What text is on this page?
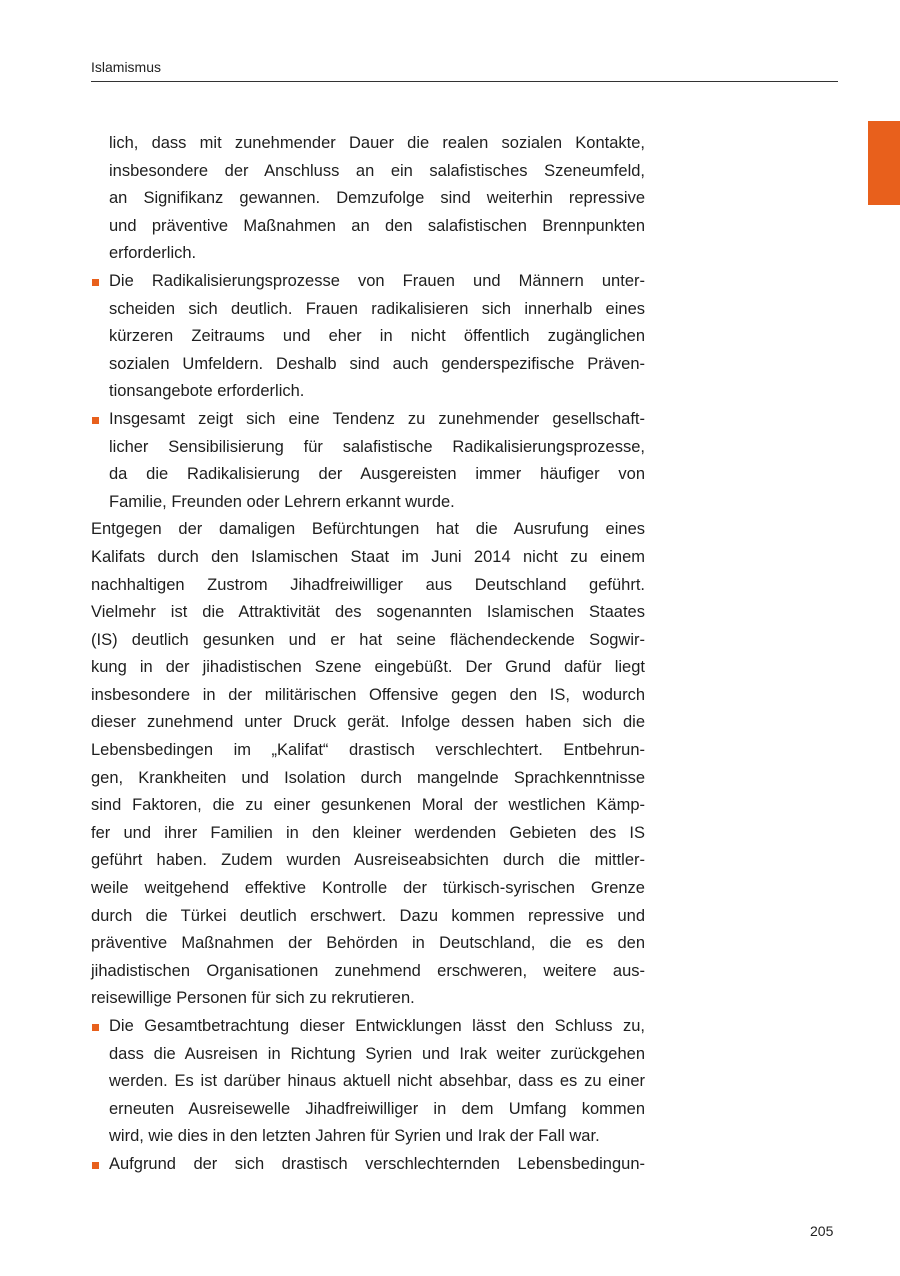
Islamismus
lich, dass mit zunehmender Dauer die realen sozialen Kontakte,
insbesondere der Anschluss an ein salafistisches Szeneumfeld,
an Signifikanz gewannen. Demzufolge sind weiterhin repressive
und präventive Maßnahmen an den salafistischen Brennpunkten
erforderlich.
Die Radikalisierungsprozesse von Frauen und Männern unter-
scheiden sich deutlich. Frauen radikalisieren sich innerhalb eines
kürzeren Zeitraums und eher in nicht öffentlich zugänglichen
sozialen Umfeldern. Deshalb sind auch genderspezifische Präven-
tionsangebote erforderlich.
Insgesamt zeigt sich eine Tendenz zu zunehmender gesellschaft-
licher Sensibilisierung für salafistische Radikalisierungsprozesse,
da die Radikalisierung der Ausgereisten immer häufiger von
Familie, Freunden oder Lehrern erkannt wurde.
Entgegen der damaligen Befürchtungen hat die Ausrufung eines
Kalifats durch den Islamischen Staat im Juni 2014 nicht zu einem
nachhaltigen Zustrom Jihadfreiwilliger aus Deutschland geführt.
Vielmehr ist die Attraktivität des sogenannten Islamischen Staates
(IS) deutlich gesunken und er hat seine flächendeckende Sogwir-
kung in der jihadistischen Szene eingebüßt. Der Grund dafür liegt
insbesondere in der militärischen Offensive gegen den IS, wodurch
dieser zunehmend unter Druck gerät. Infolge dessen haben sich die
Lebensbedingen im „Kalifat“ drastisch verschlechtert. Entbehrun-
gen, Krankheiten und Isolation durch mangelnde Sprachkenntnisse
sind Faktoren, die zu einer gesunkenen Moral der westlichen Kämp-
fer und ihrer Familien in den kleiner werdenden Gebieten des IS
geführt haben. Zudem wurden Ausreiseabsichten durch die mittler-
weile weitgehend effektive Kontrolle der türkisch-syrischen Grenze
durch die Türkei deutlich erschwert. Dazu kommen repressive und
präventive Maßnahmen der Behörden in Deutschland, die es den
jihadistischen Organisationen zunehmend erschweren, weitere aus-
reisewillige Personen für sich zu rekrutieren.
Die Gesamtbetrachtung dieser Entwicklungen lässt den Schluss zu,
dass die Ausreisen in Richtung Syrien und Irak weiter zurückgehen
werden. Es ist darüber hinaus aktuell nicht absehbar, dass es zu einer
erneuten Ausreisewelle Jihadfreiwilliger in dem Umfang kommen
wird, wie dies in den letzten Jahren für Syrien und Irak der Fall war.
Aufgrund der sich drastisch verschlechternden Lebensbedingun-
205
